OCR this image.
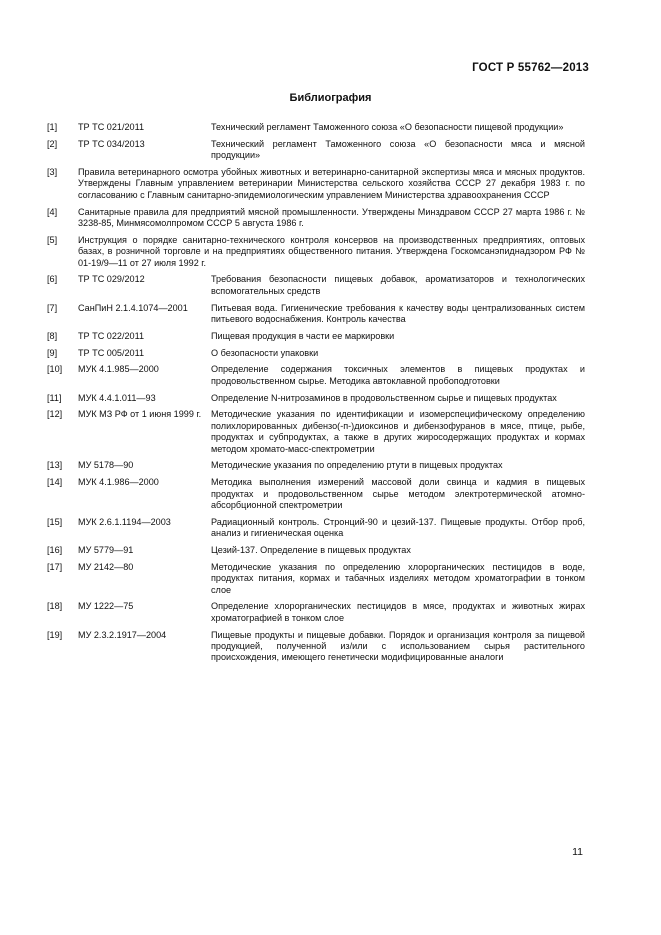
ГОСТ Р 55762—2013
Библиография
[1]	ТР ТС 021/2011	Технический регламент Таможенного союза «О безопасности пищевой продукции»
[2]	ТР ТС 034/2013	Технический регламент Таможенного союза «О безопасности мяса и мясной продукции»
[3]	Правила ветеринарного осмотра убойных животных и ветеринарно-санитарной экспертизы мяса и мясных продуктов. Утверждены Главным управлением ветеринарии Министерства сельского хозяйства СССР 27 декабря 1983 г. по согласованию с Главным санитарно-эпидемиологическим управлением Министерства здравоохранения СССР
[4]	Санитарные правила для предприятий мясной промышленности. Утверждены Минздравом СССР 27 марта 1986 г. № 3238-85, Минмясомолпромом СССР 5 августа 1986 г.
[5]	Инструкция о порядке санитарно-технического контроля консервов на производственных предприятиях, оптовых базах, в розничной торговле и на предприятиях общественного питания. Утверждена Госкомсанэпиднадзором РФ № 01-19/9—11 от 27 июля 1992 г.
[6]	ТР ТС 029/2012	Требования безопасности пищевых добавок, ароматизаторов и технологических вспомогательных средств
[7]	СанПиН 2.1.4.1074—2001	Питьевая вода. Гигиенические требования к качеству воды централизованных систем питьевого водоснабжения. Контроль качества
[8]	ТР ТС 022/2011	Пищевая продукция в части ее маркировки
[9]	ТР ТС 005/2011	О безопасности упаковки
[10]	МУК 4.1.985—2000	Определение содержания токсичных элементов в пищевых продуктах и продовольственном сырье. Методика автоклавной пробоподготовки
[11]	МУК 4.4.1.011—93	Определение N-нитрозаминов в продовольственном сырье и пищевых продуктах
[12]	МУК МЗ РФ от 1 июня 1999 г.	Методические указания по идентификации и изомерспецифическому определению полихлорированных дибензо(-п-)диоксинов и дибензофуранов в мясе, птице, рыбе, продуктах и субпродуктах, а также в других жиросодержащих продуктах и кормах методом хромато-масс-спектрометрии
[13]	МУ 5178—90	Методические указания по определению ртути в пищевых продуктах
[14]	МУК 4.1.986—2000	Методика выполнения измерений массовой доли свинца и кадмия в пищевых продуктах и продовольственном сырье методом электротермической атомно-абсорбционной спектрометрии
[15]	МУК 2.6.1.1194—2003	Радиационный контроль. Стронций-90 и цезий-137. Пищевые продукты. Отбор проб, анализ и гигиеническая оценка
[16]	МУ 5779—91	Цезий-137. Определение в пищевых продуктах
[17]	МУ 2142—80	Методические указания по определению хлорорганических пестицидов в воде, продуктах питания, кормах и табачных изделиях методом хроматографии в тонком слое
[18]	МУ 1222—75	Определение хлорорганических пестицидов в мясе, продуктах и животных жирах хроматографией в тонком слое
[19]	МУ 2.3.2.1917—2004	Пищевые продукты и пищевые добавки. Порядок и организация контроля за пищевой продукцией, полученной из/или с использованием сырья растительного происхождения, имеющего генетически модифицированные аналоги
11
